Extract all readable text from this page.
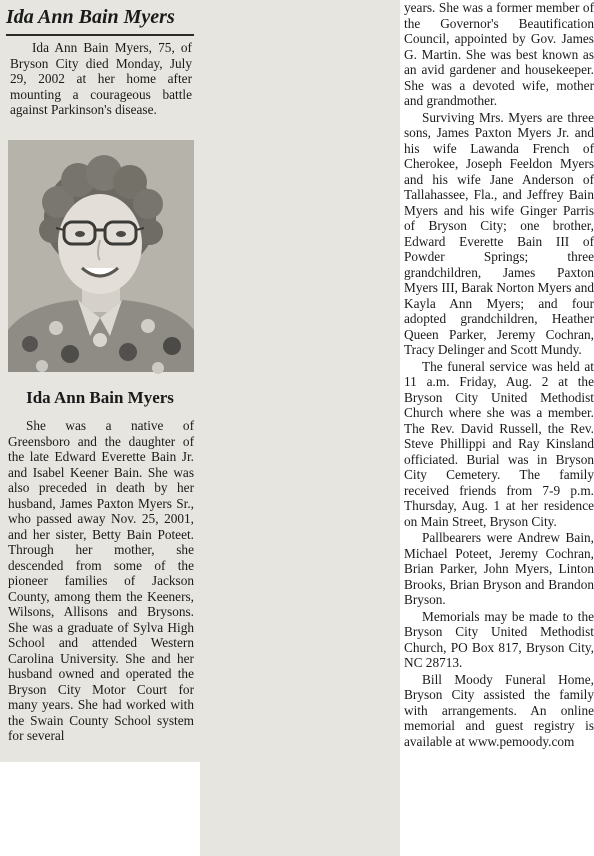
Ida Ann Bain Myers

Ida Ann Bain Myers, 75, of Bryson City died Monday, July 29, 2002 at her home after mounting a courageous battle against Parkinson's disease.

Ida Ann Bain Myers

She was a native of Greensboro and the daughter of the late Edward Everette Bain Jr. and Isabel Keener Bain. She was also preceded in death by her husband, James Paxton Myers Sr., who passed away Nov. 25, 2001, and her sister, Betty Bain Poteet. Through her mother, she descended from some of the pioneer families of Jackson County, among them the Keeners, Wilsons, Allisons and Brysons. She was a graduate of Sylva High School and attended Western Carolina University. She and her husband owned and operated the Bryson City Motor Court for many years. She had worked with the Swain County School system for several

years. She was a former member of the Governor's Beautification Council, appointed by Gov. James G. Martin. She was best known as an avid gardener and housekeeper. She was a devoted wife, mother and grandmother.

Surviving Mrs. Myers are three sons, James Paxton Myers Jr. and his wife Lawanda French of Cherokee, Joseph Feeldon Myers and his wife Jane Anderson of Tallahassee, Fla., and Jeffrey Bain Myers and his wife Ginger Parris of Bryson City; one brother, Edward Everette Bain III of Powder Springs; three grandchildren, James Paxton Myers III, Barak Norton Myers and Kayla Ann Myers; and four adopted grandchildren, Heather Queen Parker, Jeremy Cochran, Tracy Delinger and Scott Mundy.

The funeral service was held at 11 a.m. Friday, Aug. 2 at the Bryson City United Methodist Church where she was a member. The Rev. David Russell, the Rev. Steve Phillippi and Ray Kinsland officiated. Burial was in Bryson City Cemetery. The family received friends from 7-9 p.m. Thursday, Aug. 1 at her residence on Main Street, Bryson City.

Pallbearers were Andrew Bain, Michael Poteet, Jeremy Cochran, Brian Parker, John Myers, Linton Brooks, Brian Bryson and Brandon Bryson.

Memorials may be made to the Bryson City United Methodist Church, PO Box 817, Bryson City, NC 28713.

Bill Moody Funeral Home, Bryson City assisted the family with arrangements. An online memorial and guest registry is available at www.pemoody.com
